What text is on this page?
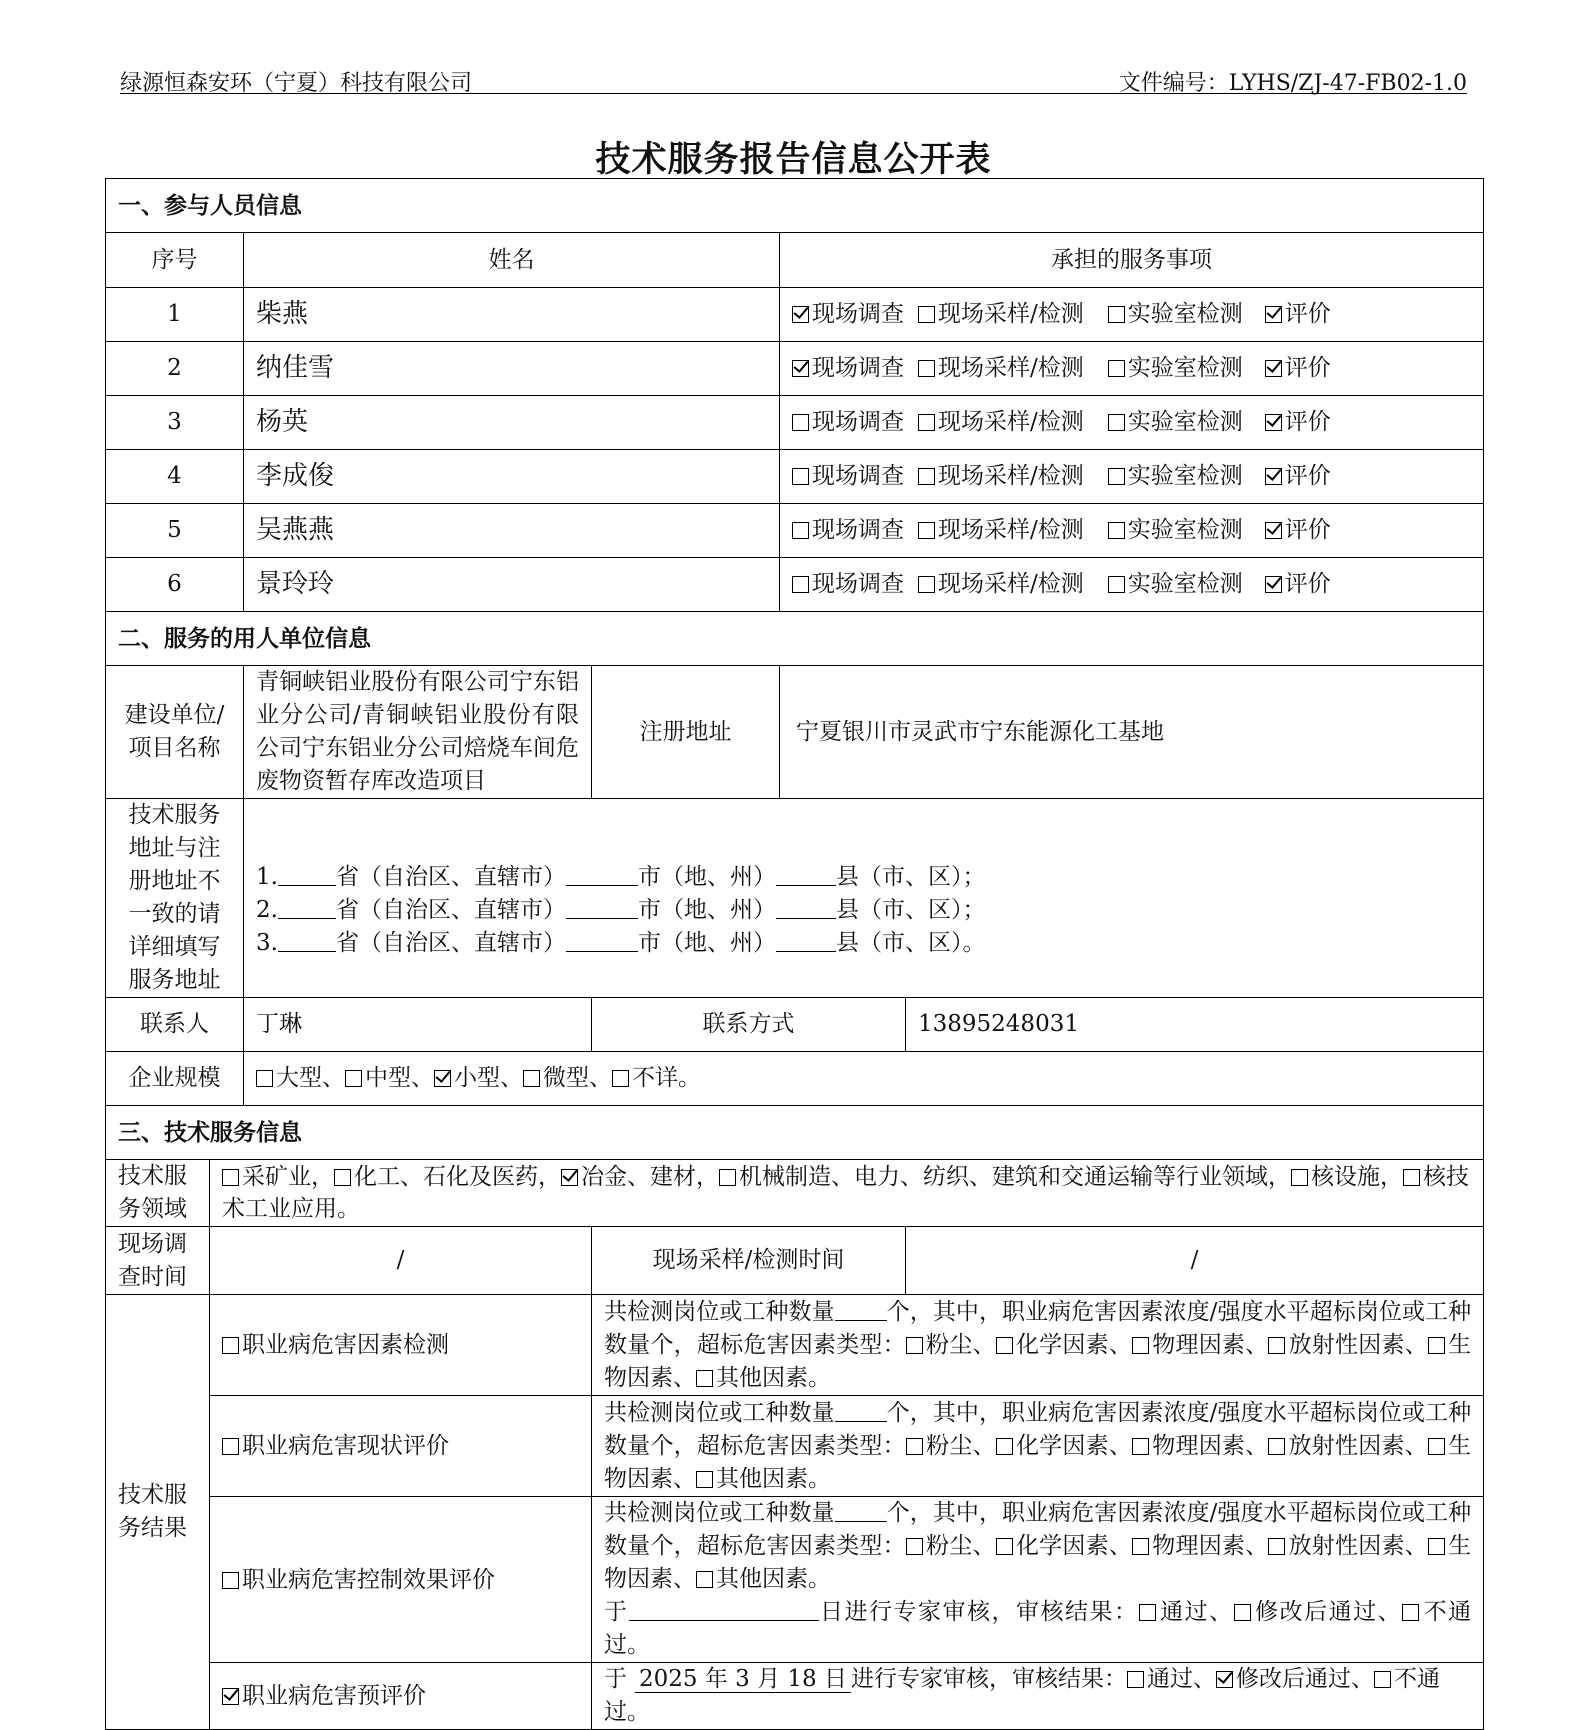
绿源恒森安环（宁夏）科技有限公司	文件编号：LYHS/ZJ-47-FB02-1.0
技术服务报告信息公开表
一、参与人员信息					
序号		姓名		承担的服务事项	
1		柴燕		现场调查 现场采样/检测 实验室检测 评价	
2		纳佳雪		现场调查 现场采样/检测 实验室检测 评价	
3		杨英		现场调查 现场采样/检测 实验室检测 评价	
4		李成俊		现场调查 现场采样/检测 实验室检测 评价	
5		吴燕燕		现场调查 现场采样/检测 实验室检测 评价	
6		景玲玲		现场调查 现场采样/检测 实验室检测 评价	
二、服务的用人单位信息					
建设单位/项目名称		青铜峡铝业股份有限公司宁东铝业分公司/青铜峡铝业股份有限公司宁东铝业分公司焙烧车间危废物资暂存库改造项目	注册地址	宁夏银川市灵武市宁东能源化工基地	
技术服务地址与注册地址不一致的请详细填写服务地址		1. 省（自治区、直辖市） 市（地、州） 县（市、区）；
2. 省（自治区、直辖市） 市（地、州） 县（市、区）；
3. 省（自治区、直辖市） 市（地、州） 县（市、区）。			

联系人		丁琳	联系方式		13895248031
企业规模		大型、 中型、 小型、 微型、 不详。			
三、技术服务信息					
技术服务领域	采矿业， 化工、石化及医药， 冶金、建材， 机械制造、电力、纺织、建筑和交通运输等行业领域， 核设施， 核技术工业应用。				
现场调查时间	/		现场采样/检测时间		/
技术服务结果	职业病危害因素检测		共检测岗位或工种数量 个，其中，职业病危害因素浓度/强度水平超标岗位或工种数量个，超标危害因素类型： 粉尘、 化学因素、 物理因素、 放射性因素、 生物因素、 其他因素。		
	职业病危害现状评价		共检测岗位或工种数量 个，其中，职业病危害因素浓度/强度水平超标岗位或工种数量个，超标危害因素类型： 粉尘、 化学因素、 物理因素、 放射性因素、 生物因素、 其他因素。		
	职业病危害控制效果评价		共检测岗位或工种数量 个，其中，职业病危害因素浓度/强度水平超标岗位或工种数量个，超标危害因素类型： 粉尘、 化学因素、 物理因素、 放射性因素、 生物因素、 其他因素。
于 日进行专家审核，审核结果： 通过、 修改后通过、 不通过。		

	职业病危害预评价		于 2025 年 3 月 18 日 进行专家审核，审核结果： 通过、 修改后通过、 不通过。		
